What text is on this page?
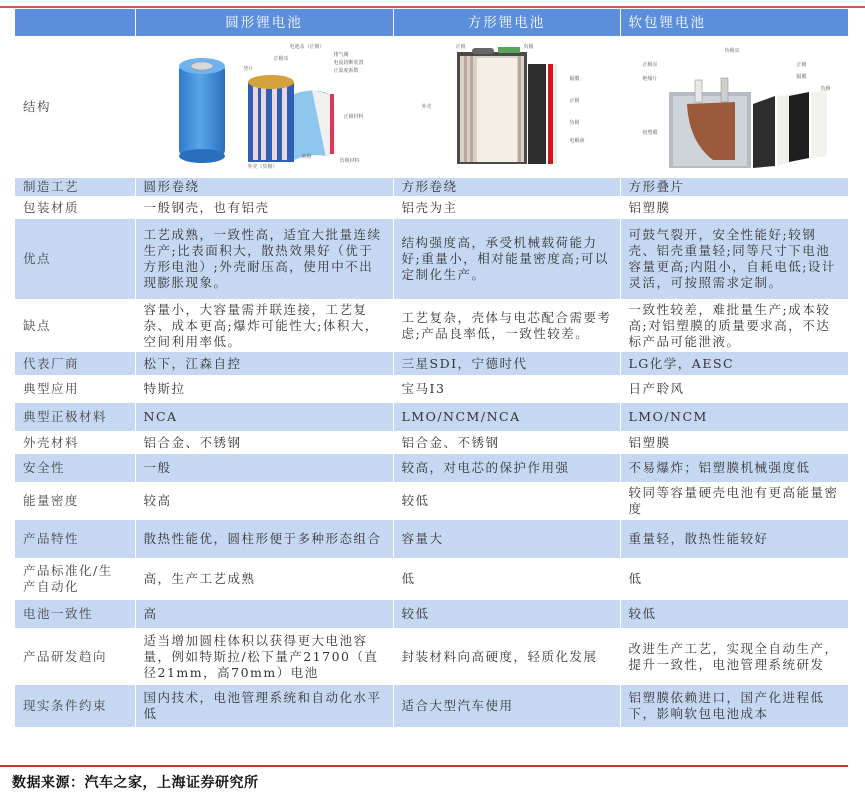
	圆形锂电池	方形锂电池	软包锂电池
结构	
电池盖（正极）
正极耳
垫片
排气阀
电流切断装置
正温度系数
正极材料
负极
负极材料
外壳（负极）

正极	负极
外壳
隔膜
正极
负极
电解液

负极耳
正极耳
绝缘片
正极
隔膜
负极
铝塑膜

制造工艺	圆形卷绕	方形卷绕	方形叠片
包装材质	一般钢壳，也有铝壳	铝壳为主	铝塑膜
优点	工艺成熟，一致性高，适宜大批量连续生产;比表面积大，散热效果好（优于方形电池）;外壳耐压高，使用中不出现膨胀现象。	结构强度高，承受机械载荷能力好;重量小，相对能量密度高;可以定制化生产。	可鼓气裂开，安全性能好;较钢壳、铝壳重量轻;同等尺寸下电池容量更高;内阻小，自耗电低;设计灵活，可按照需求定制。
缺点	容量小，大容量需并联连接，工艺复杂、成本更高;爆炸可能性大;体积大，空间利用率低。	工艺复杂，壳体与电芯配合需要考虑;产品良率低，一致性较差。	一致性较差，难批量生产;成本较高;对铝塑膜的质量要求高，不达标产品可能泄液。
代表厂商	松下，江森自控	三星SDI，宁德时代	LG化学，AESC
典型应用	特斯拉	宝马I3	日产聆风
典型正极材料	NCA	LMO/NCM/NCA	LMO/NCM
外壳材料	铝合金、不锈钢	铝合金、不锈钢	铝塑膜
安全性	一般	较高，对电芯的保护作用强	不易爆炸；铝塑膜机械强度低
能量密度	较高	较低	较同等容量硬壳电池有更高能量密度
产品特性	散热性能优，圆柱形便于多种形态组合	容量大	重量轻，散热性能较好
产品标准化/生产自动化	高，生产工艺成熟	低	低
电池一致性	高	较低	较低
产品研发趋向	适当增加圆柱体积以获得更大电池容量，例如特斯拉/松下量产21700（直径21mm，高70mm）电池	封装材料向高硬度，轻质化发展	改进生产工艺，实现全自动生产，提升一致性，电池管理系统研发
现实条件约束	国内技术，电池管理系统和自动化水平低	适合大型汽车使用	铝塑膜依赖进口，国产化进程低下，影响软包电池成本
数据来源：汽车之家，上海证券研究所
